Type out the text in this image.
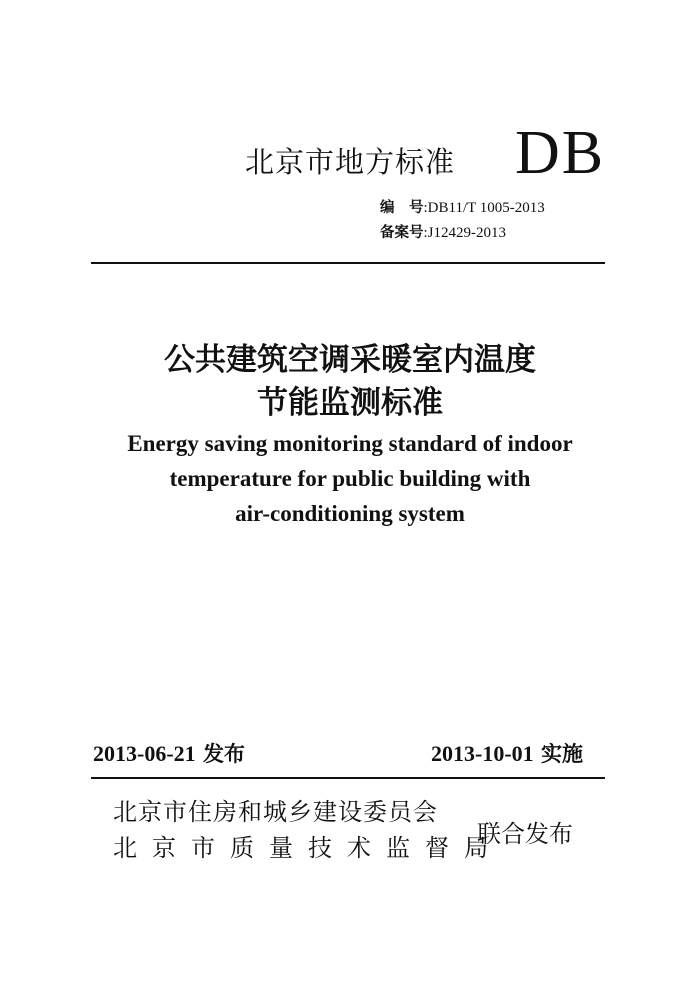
北京市地方标准 DB
编　号:DB11/T 1005-2013
备案号:J12429-2013
公共建筑空调采暖室内温度
节能监测标准
Energy saving monitoring standard of indoor
temperature for public building with
air-conditioning system
2013-06-21 发布	2013-10-01 实施
北京市住房和城乡建设委员会
北京市质量技术监督局
联合发布
